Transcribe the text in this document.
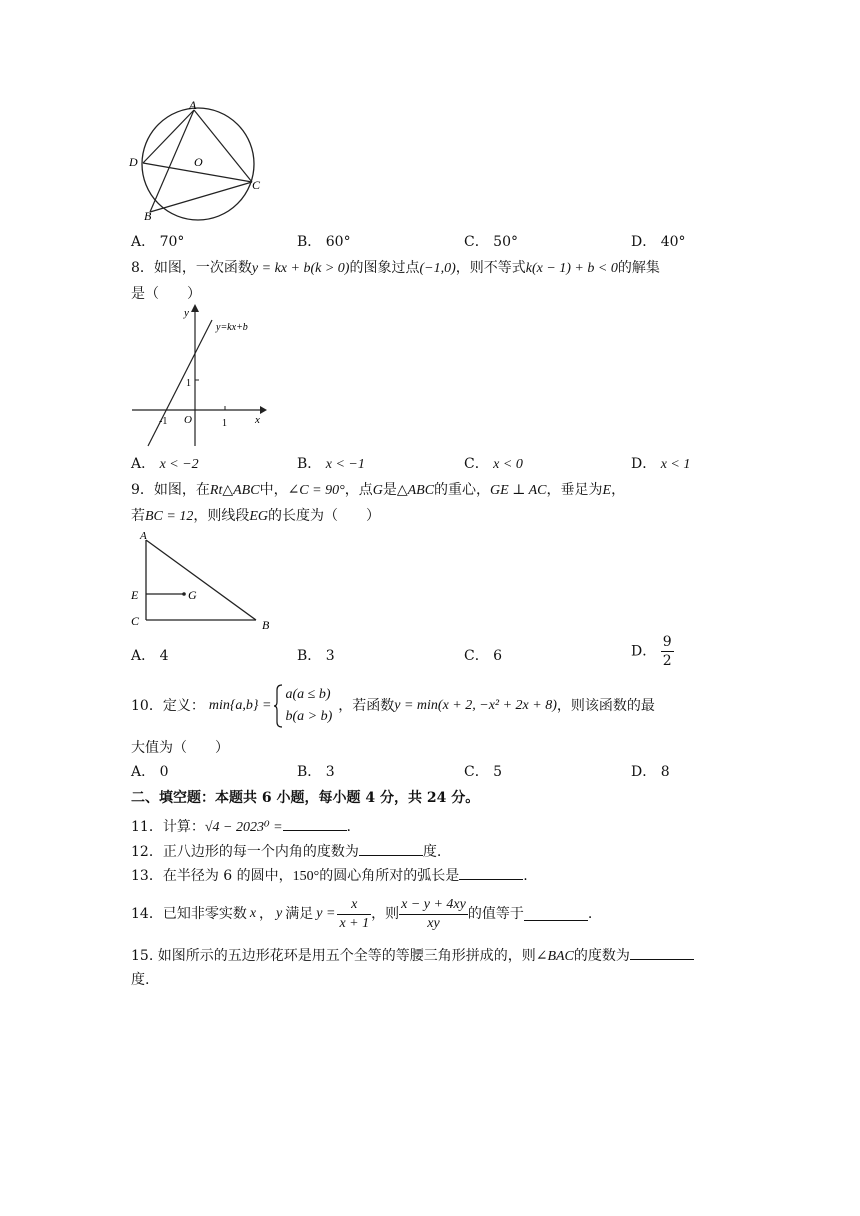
A
D	O
C
B
A． 70°	B． 60°	C． 50°	D． 40°
8．如图，一次函数y = kx + b(k > 0)的图象过点(−1,0)，则不等式k(x − 1) + b < 0的解集
是（　　）
y
y=kx+b
1
-1 O	1	x
A． x < −2	B． x < −1	C． x < 0	D． x < 1
9．如图，在Rt△ABC中，∠C = 90°，点G是△ABC的重心，GE ⊥ AC，垂足为E，
若BC = 12，则线段EG的长度为（　　）
A
E	G
C	B
A． 4	B． 3	C． 6	D． $\frac{9}{2}$
10．定义： min{a,b} =
a(a ≤ b)
b(a > b)
，若函数 y = min(x + 2, −x² + 2x + 8) ，则该函数的最
大值为（　　）
A． 0	B． 3	C． 5	D． 8
二、填空题：本题共 6 小题，每小题 4 分，共 24 分。
11．计算：√4 − 2023⁰ =	.
12．正八边形的每一个内角的度数为	度.
13．在半径为 6 的圆中，150°的圆心角所对的弧长是	.
14．已知非零实数 x ， y 满足 $y = \frac{x}{x + 1}$ ，则 $\frac{x - y + 4xy}{xy}$ 的值等于	.
15. 如图所示的五边形花环是用五个全等的等腰三角形拼成的，则∠BAC的度数为
度.
